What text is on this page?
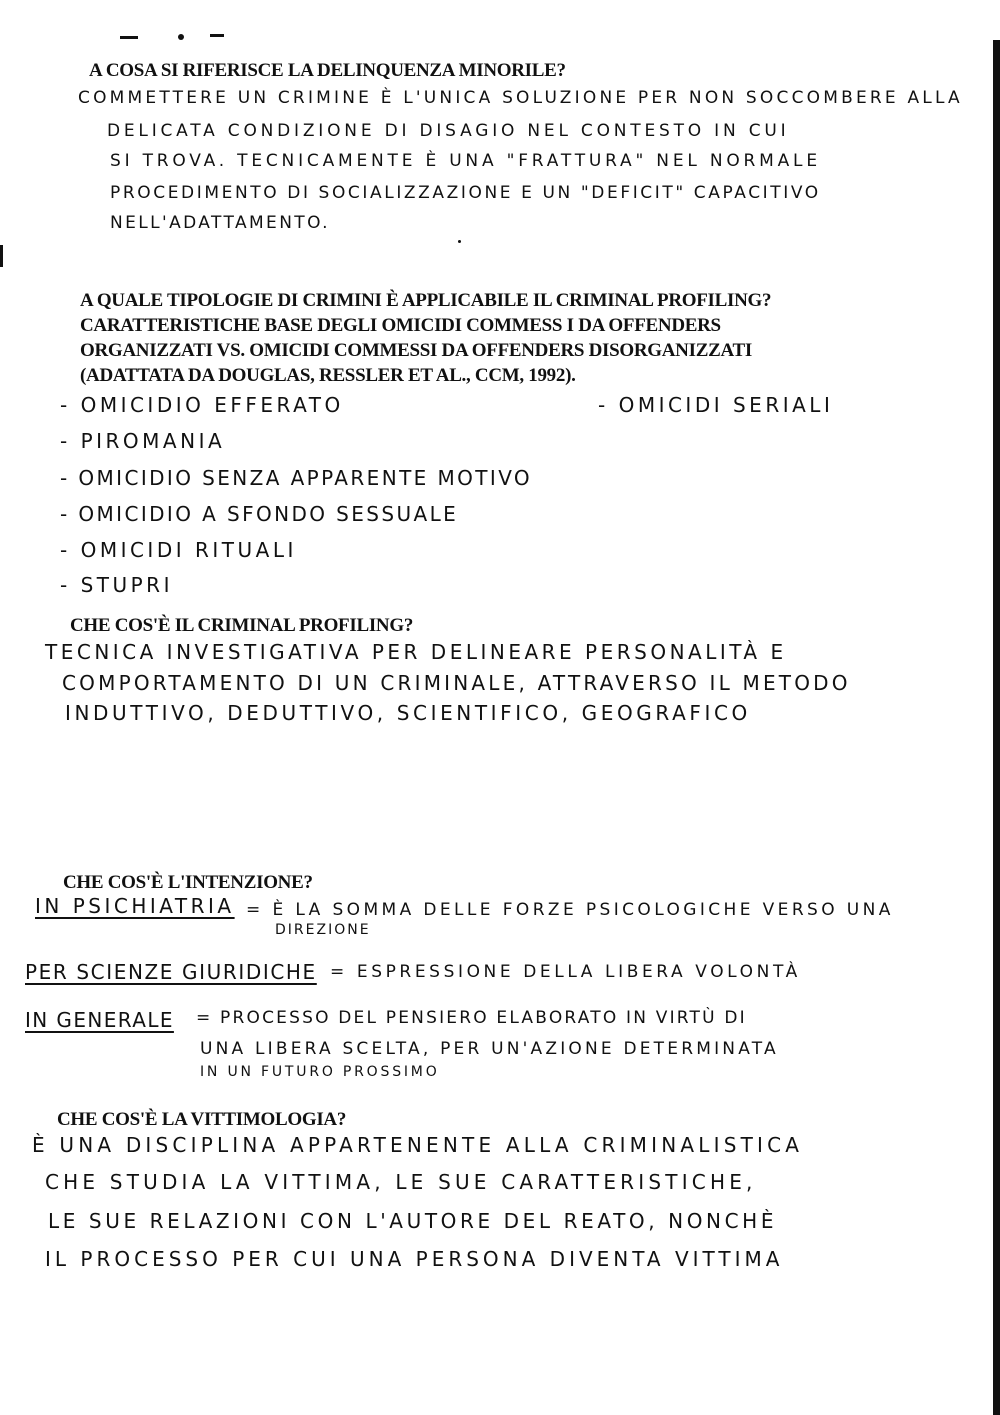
A COSA SI RIFERISCE LA DELINQUENZA MINORILE?
COMMETTERE UN CRIMINE È L'UNICA SOLUZIONE PER NON SOCCOMBERE ALLA
DELICATA CONDIZIONE DI DISAGIO NEL CONTESTO IN CUI
SI TROVA. TECNICAMENTE È UNA "FRATTURA" NEL NORMALE
PROCEDIMENTO DI SOCIALIZZAZIONE E UN "DEFICIT" CAPACITIVO
NELL'ADATTAMENTO.
A QUALE TIPOLOGIE DI CRIMINI È APPLICABILE IL CRIMINAL PROFILING?
CARATTERISTICHE BASE DEGLI OMICIDI COMMESS I DA OFFENDERS
ORGANIZZATI VS. OMICIDI COMMESSI DA OFFENDERS DISORGANIZZATI
(ADATTATA DA DOUGLAS, RESSLER ET AL., CCM, 1992).
- OMICIDIO EFFERATO	- OMICIDI SERIALI
- PIROMANIA
- OMICIDIO SENZA APPARENTE MOTIVO
- OMICIDIO A SFONDO SESSUALE
- OMICIDI RITUALI
- STUPRI
CHE COS'È IL CRIMINAL PROFILING?
TECNICA INVESTIGATIVA PER DELINEARE PERSONALITÀ E
COMPORTAMENTO DI UN CRIMINALE, ATTRAVERSO IL METODO
INDUTTIVO, DEDUTTIVO, SCIENTIFICO, GEOGRAFICO
CHE COS'È L'INTENZIONE?
IN PSICHIATRIA = È LA SOMMA DELLE FORZE PSICOLOGICHE VERSO UNA
DIREZIONE
PER SCIENZE GIURIDICHE = ESPRESSIONE DELLA LIBERA VOLONTÀ
IN GENERALE = PROCESSO DEL PENSIERO ELABORATO IN VIRTÙ DI
UNA LIBERA SCELTA, PER UN'AZIONE DETERMINATA
IN UN FUTURO PROSSIMO
CHE COS'È LA VITTIMOLOGIA?
È UNA DISCIPLINA APPARTENENTE ALLA CRIMINALISTICA
CHE STUDIA LA VITTIMA, LE SUE CARATTERISTICHE,
LE SUE RELAZIONI CON L'AUTORE DEL REATO, NONCHÈ
IL PROCESSO PER CUI UNA PERSONA DIVENTA VITTIMA
